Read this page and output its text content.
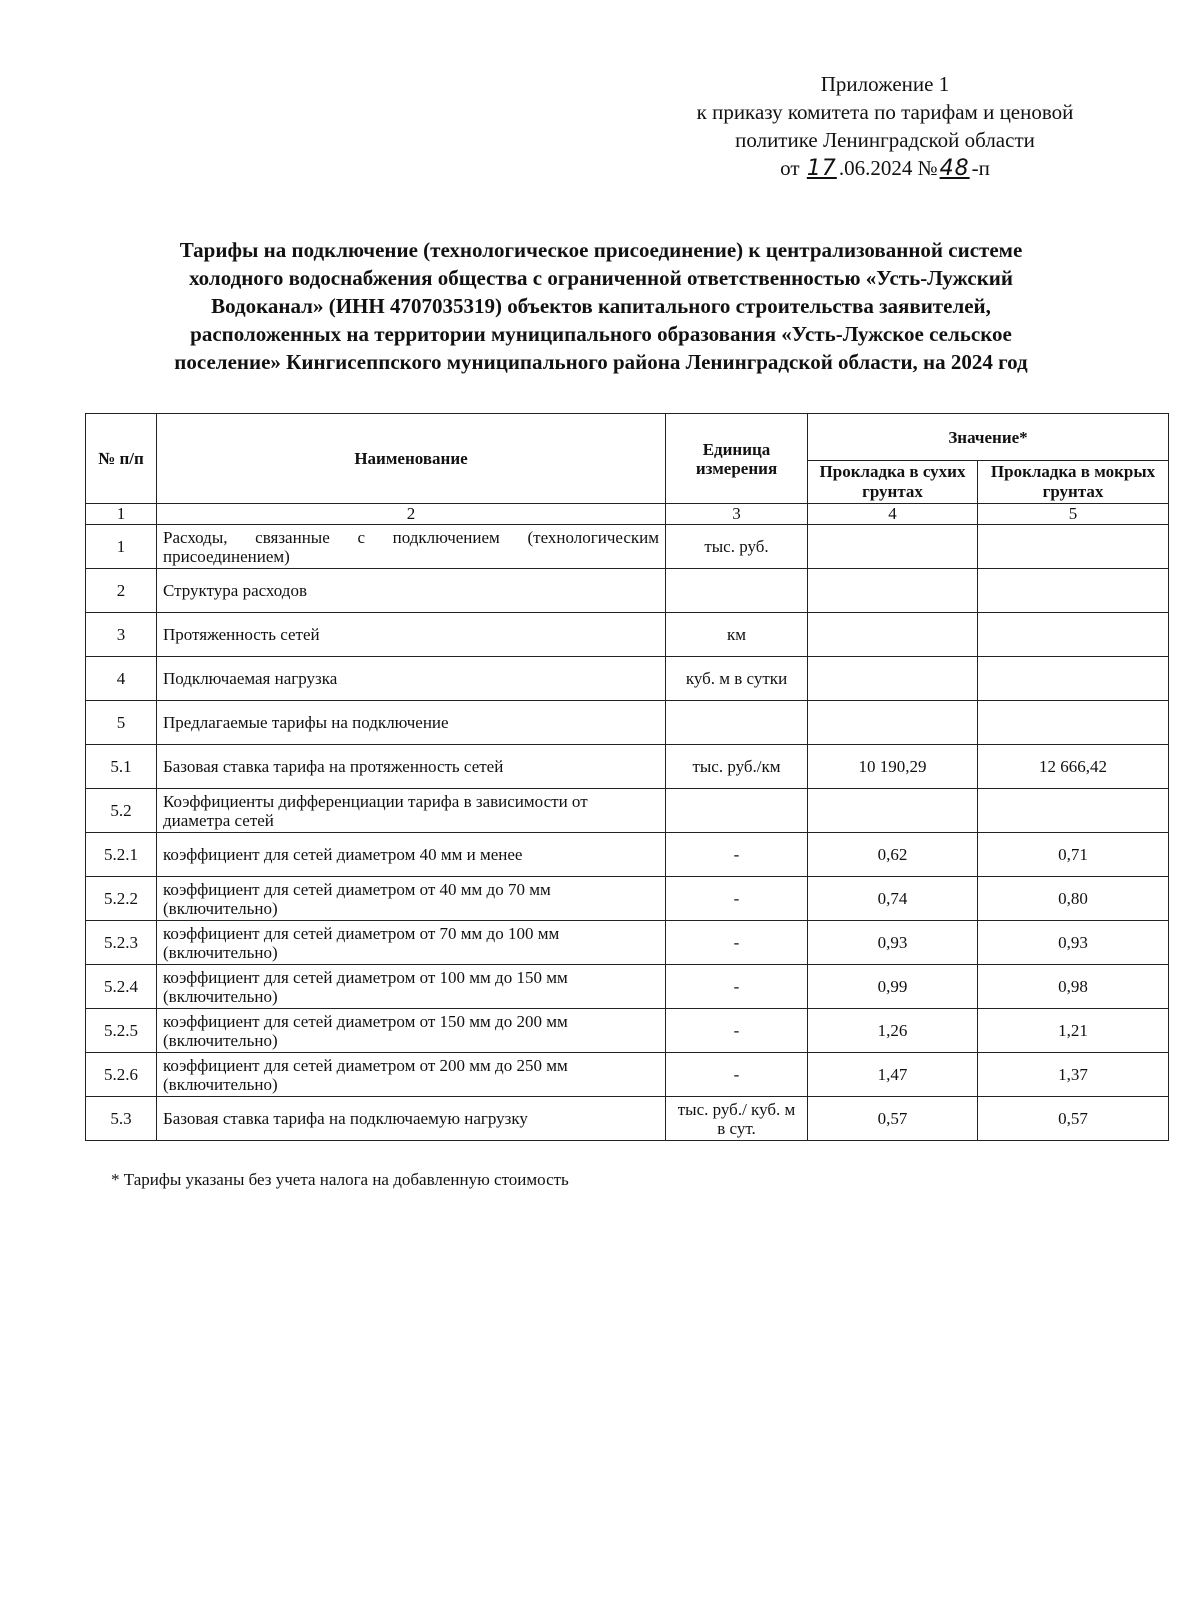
Приложение 1
к приказу комитета по тарифам и ценовой
политике Ленинградской области
от 17.06.2024 №48-п
Тарифы на подключение (технологическое присоединение) к централизованной системе
холодного водоснабжения общества с ограниченной ответственностью «Усть-Лужский
Водоканал» (ИНН 4707035319) объектов капитального строительства заявителей,
расположенных на территории муниципального образования «Усть-Лужское сельское
поселение» Кингисеппского муниципального района Ленинградской области, на 2024 год
№ п/п	Наименование	Единица измерения	Значение*	
			Прокладка в сухих грунтах	Прокладка в мокрых грунтах
1	2	3	4	5
1	Расходы, связанные с подключением (технологическим присоединением)	тыс. руб.		
2	Структура расходов			
3	Протяженность сетей	км		
4	Подключаемая нагрузка	куб. м в сутки		
5	Предлагаемые тарифы на подключение			
5.1	Базовая ставка тарифа на протяженность сетей	тыс. руб./км	10 190,29	12 666,42
5.2	Коэффициенты дифференциации тарифа в зависимости от диаметра сетей			
5.2.1	коэффициент для сетей диаметром 40 мм и менее	-	0,62	0,71
5.2.2	коэффициент для сетей диаметром от 40 мм до 70 мм (включительно)	-	0,74	0,80
5.2.3	коэффициент для сетей диаметром от 70 мм до 100 мм (включительно)	-	0,93	0,93
5.2.4	коэффициент для сетей диаметром от 100 мм до 150 мм (включительно)	-	0,99	0,98
5.2.5	коэффициент для сетей диаметром от 150 мм до 200 мм (включительно)	-	1,26	1,21
5.2.6	коэффициент для сетей диаметром от 200 мм до 250 мм (включительно)	-	1,47	1,37
5.3	Базовая ставка тарифа на подключаемую нагрузку	тыс. руб./ куб. м в сут.	0,57	0,57
* Тарифы указаны без учета налога на добавленную стоимость
